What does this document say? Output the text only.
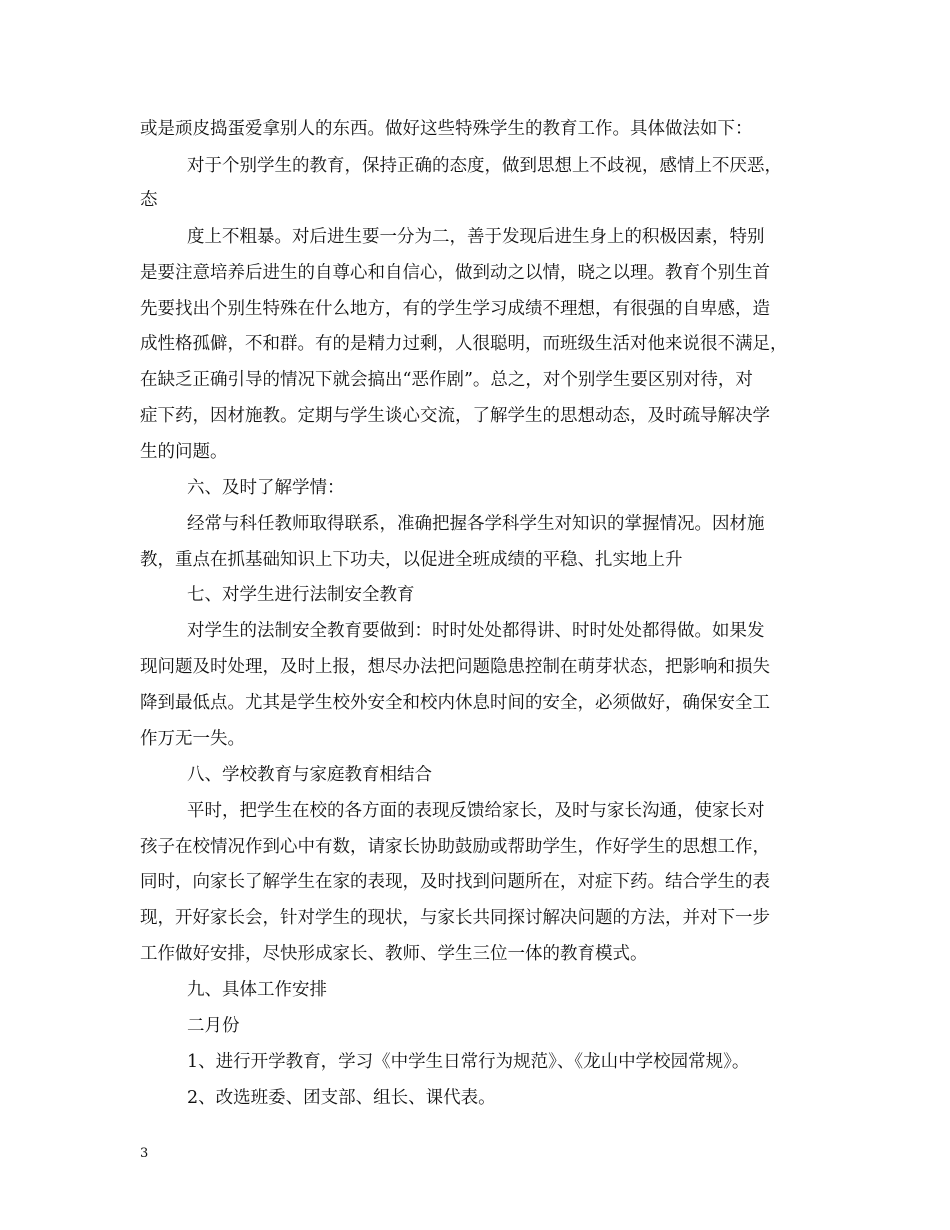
或是顽皮捣蛋爱拿别人的东西。做好这些特殊学生的教育工作。具体做法如下：
对于个别学生的教育，保持正确的态度，做到思想上不歧视，感情上不厌恶，
态
度上不粗暴。对后进生要一分为二，善于发现后进生身上的积极因素，特别
是要注意培养后进生的自尊心和自信心，做到动之以情，晓之以理。教育个别生首
先要找出个别生特殊在什么地方，有的学生学习成绩不理想，有很强的自卑感，造
成性格孤僻，不和群。有的是精力过剩，人很聪明，而班级生活对他来说很不满足，
在缺乏正确引导的情况下就会搞出“恶作剧”。总之，对个别学生要区别对待，对
症下药，因材施教。定期与学生谈心交流，了解学生的思想动态，及时疏导解决学
生的问题。
六、及时了解学情：
经常与科任教师取得联系，准确把握各学科学生对知识的掌握情况。因材施
教，重点在抓基础知识上下功夫，以促进全班成绩的平稳、扎实地上升
七、对学生进行法制安全教育
对学生的法制安全教育要做到：时时处处都得讲、时时处处都得做。如果发
现问题及时处理，及时上报，想尽办法把问题隐患控制在萌芽状态，把影响和损失
降到最低点。尤其是学生校外安全和校内休息时间的安全，必须做好，确保安全工
作万无一失。
八、学校教育与家庭教育相结合
平时，把学生在校的各方面的表现反馈给家长，及时与家长沟通，使家长对
孩子在校情况作到心中有数，请家长协助鼓励或帮助学生，作好学生的思想工作，
同时，向家长了解学生在家的表现，及时找到问题所在，对症下药。结合学生的表
现，开好家长会，针对学生的现状，与家长共同探讨解决问题的方法，并对下一步
工作做好安排，尽快形成家长、教师、学生三位一体的教育模式。
九、具体工作安排
二月份
1、进行开学教育，学习《中学生日常行为规范》、《龙山中学校园常规》。
2、改选班委、团支部、组长、课代表。
3
